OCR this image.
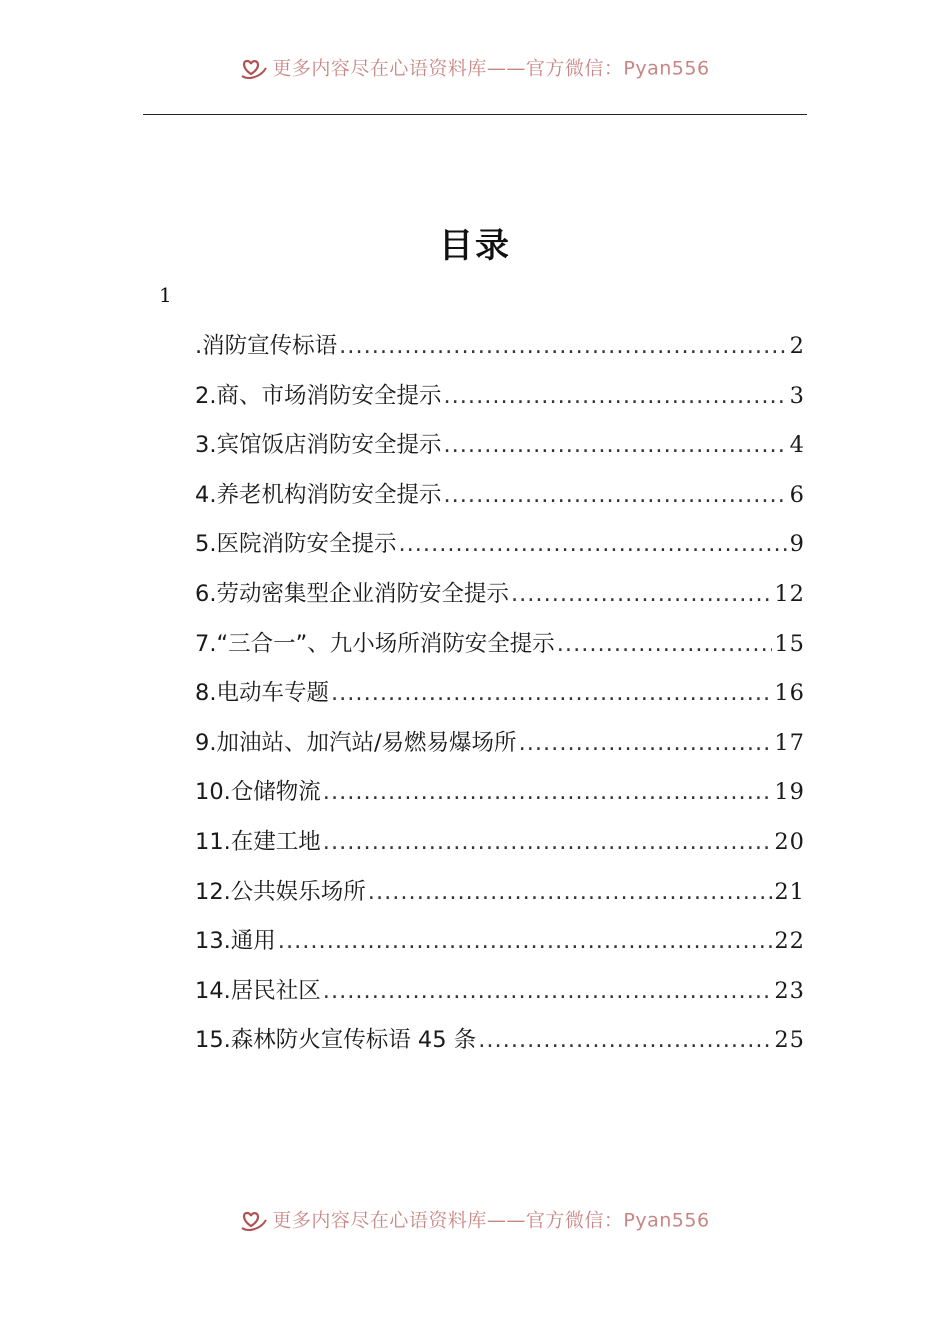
更多内容尽在心语资料库——官方微信：Pyan556
目录
1
.消防宣传标语 .....	2
2.商、市场消防安全提示 .....	3
3.宾馆饭店消防安全提示 .....	4
4.养老机构消防安全提示 .....	6
5.医院消防安全提示 .....	9
6.劳动密集型企业消防安全提示 .....	12
7.“三合一”、九小场所消防安全提示 .....	15
8.电动车专题 .....	16
9.加油站、加汽站/易燃易爆场所 .....	17
10.仓储物流 .....	19
11.在建工地 .....	20
12.公共娱乐场所 .....	21
13.通用 .....	22
14.居民社区 .....	23
15.森林防火宣传标语 45 条 .....	25
更多内容尽在心语资料库——官方微信：Pyan556
